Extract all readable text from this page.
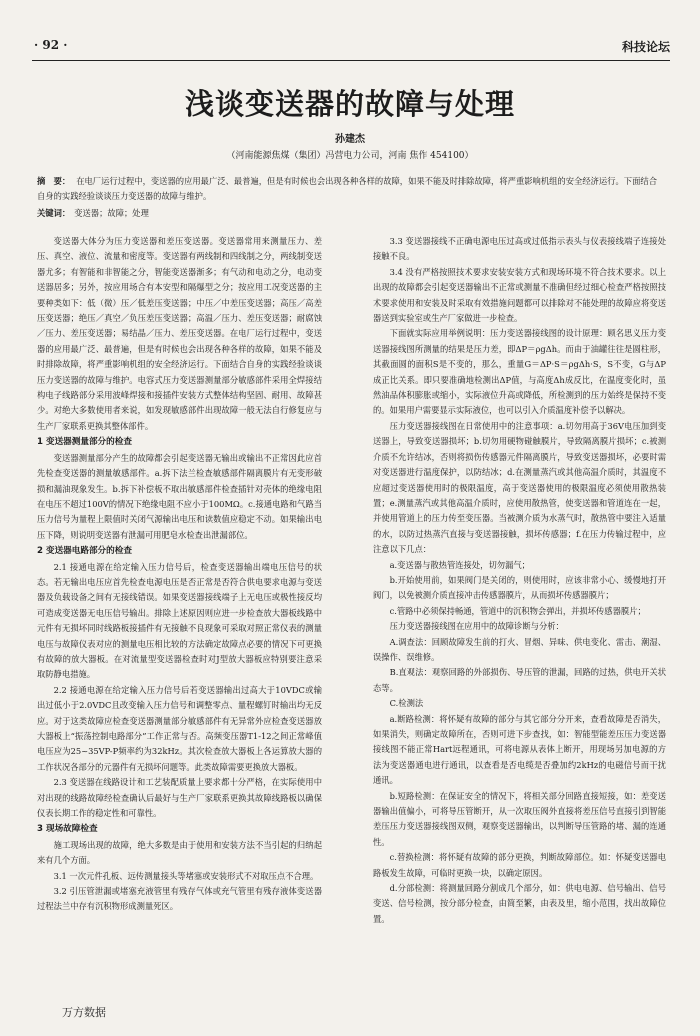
· 92 ·	科技论坛
浅谈变送器的故障与处理
孙建杰
（河南能源焦煤（集团）冯营电力公司，河南 焦作 454100）
摘　要： 在电厂运行过程中，变送器的应用最广泛、最普遍，但是有时候也会出现各种各样的故障，如果不能及时排除故障，将严重影响机组的安全经济运行。下面结合自身的实践经验谈谈压力变送器的故障与维护。
关键词： 变送器；故障；处理

变送器大体分为压力变送器和差压变送器。变送器常用来测量压力、差压、真空、液位、流量和密度等。变送器有两线制和四线制之分，两线制变送器尤多；有智能和非智能之分，智能变送器渐多；有气动和电动之分，电动变送器居多；另外，按应用场合有本安型和隔爆型之分；按应用工况变送器的主要种类如下：低（微）压／低差压变送器；中压／中差压变送器；高压／高差压变送器；绝压／真空／负压差压变送器；高温／压力、差压变送器；耐腐蚀／压力、差压变送器；易结晶／压力、差压变送器。在电厂运行过程中，变送器的应用最广泛、最普遍，但是有时候也会出现各种各样的故障，如果不能及时排除故障，将严重影响机组的安全经济运行。下面结合自身的实践经验谈谈压力变送器的故障与维护。电容式压力变送器测量部分敏感部件采用全焊接结构电子线路部分采用波峰焊接和接插件安装方式整体结构坚固、耐用、故障甚少。对绝大多数使用者来说，如发现敏感部件出现故障一般无法自行修复应与生产厂家联系更换其整体部件。

1 变送器测量部分的检查

变送器测量部分产生的故障都会引起变送器无输出或输出不正常因此应首先检查变送器的测量敏感部件。a.拆下法兰检查敏感部件隔离膜片有无变形破损和漏油现象发生。b.拆下补偿板不取出敏感部件检查插针对壳体的绝缘电阻在电压不超过100V的情况下绝缘电阻不应小于100MΩ。c.接通电路和气路当压力信号为量程上限值时关闭气源输出电压和读数值应稳定不动。如果输出电压下降，则说明变送器有泄漏可用肥皂水检查出泄漏部位。

2 变送器电路部分的检查

2.1 接通电源在给定输入压力信号后，检查变送器输出端电压信号的状态。若无输出电压应首先检查电源电压是否正常是否符合供电要求电源与变送器及负载设备之间有无接线错误。如果变送器接线端子上无电压或极性接反均可造成变送器无电压信号输出。排除上述原因则应进一步检查放大器板线路中元件有无损坏同时线路板接插件有无接触不良现象可采取对照正常仪表的测量电压与故障仪表对应的测量电压相比较的方法确定故障点必要的情况下可更换有故障的放大器板。在对流量型变送器检查时对J型放大器板应特别要注意采取防静电措施。

2.2 接通电源在给定输入压力信号后若变送器输出过高大于10VDC或输出过低小于2.0VDC且改变输入压力信号和调整零点、量程螺钉时输出均无反应。对于这类故障应检查变送器测量部分敏感部件有无异常外应检查变送器放大器板上“振荡控制电路部分”工作正常与否。高频变压器T1-12之间正常峰值电压应为25~35VP-P频率约为32kHz。其次检查放大器板上各运算放大器的工作状况各部分的元器件有无损坏问题等。此类故障需要更换放大器板。

2.3 变送器在线路设计和工艺装配质量上要求都十分严格，在实际使用中对出现的线路故障经检查确认后最好与生产厂家联系更换其故障线路板以确保仪表长期工作的稳定性和可靠性。

3 现场故障检查

施工现场出现的故障，绝大多数是由于使用和安装方法不当引起的归纳起来有几个方面。

3.1 一次元件孔板、远传测量接头等堵塞或安装形式不对取压点不合理。

3.2 引压管泄漏或堵塞充液管里有残存气体或充气管里有残存液体变送器过程法兰中存有沉积物形成测量死区。

3.3 变送器接线不正确电源电压过高或过低指示表头与仪表接线端子连接处接触不良。

3.4 没有严格按照技术要求安装安装方式和现场环境不符合技术要求。以上出现的故障都会引起变送器输出不正常或测量不准确但经过细心检查严格按照技术要求使用和安装及时采取有效措施问题都可以排除对不能处理的故障应将变送器送到实验室或生产厂家做进一步检查。

下面就实际应用举例说明：压力变送器接线图的设计原理：顾名思义压力变送器接线图所测量的结果是压力差，即ΔP＝ρgΔh。而由于油罐往往是圆柱形，其截面圆的面积S是不变的，那么，重量G＝ΔP·S＝ρgΔh·S，S不变，G与ΔP成正比关系。即只要准确地检测出ΔP值，与高度Δh成反比，在温度变化时，虽然油品体积膨胀或缩小，实际液位升高或降低，所检测到的压力始终是保持不变的。如果用户需要显示实际液位，也可以引入介质温度补偿予以解决。

压力变送器接线图在日常使用中的注意事项：a.切勿用高于36V电压加到变送器上，导致变送器损坏；b.切勿用硬物碰触膜片，导致隔离膜片损坏；c.被测介质不允许结冰，否则将损伤传感器元件隔离膜片，导致变送器损坏，必要时需对变送器进行温度保护，以防结冰；d.在测量蒸汽或其他高温介质时，其温度不应超过变送器使用时的极限温度，高于变送器使用的极限温度必须使用散热装置；e.测量蒸汽或其他高温介质时，应使用散热管，使变送器和管道连在一起，并使用管道上的压力传至变压器。当被测介质为水蒸气时，散热管中要注入适量的水，以防过热蒸汽直接与变送器接触，损坏传感器；f.在压力传输过程中，应注意以下几点：

a.变送器与散热管连接处，切勿漏气；

b.开始使用前，如果阀门是关闭的，则使用时，应该非常小心、缓慢地打开阀门，以免被测介质直接冲击传感器膜片，从而损坏传感器膜片；

c.管路中必须保持畅通，管道中的沉积物会弹出，并损坏传感器膜片；

压力变送器接线图在应用中的故障诊断与分析：

A.调查法：回顾故障发生前的打火、冒烟、异味、供电变化、雷击、潮湿、误操作、误维修。

B.直观法：观察回路的外部损伤、导压管的泄漏，回路的过热，供电开关状态等。

C.检测法

a.断路检测：将怀疑有故障的部分与其它部分分开来，查看故障是否消失，如果消失，则确定故障所在，否则可进下步查找，如：智能型能差压压力变送器接线图不能正常Hart远程通讯，可将电源从表体上断开，用现场另加电源的方法为变送器通电进行通讯，以查看是否电缆是否叠加约2kHz的电磁信号而干扰通讯。

b.短路检测：在保证安全的情况下，将相关部分回路直接短接，如：差变送器输出值偏小，可将导压管断开，从一次取压阀外直接将差压信号直接引到智能差压压力变送器接线图双侧，观察变送器输出，以判断导压管路的堵、漏的连通性。

c.替换检测：将怀疑有故障的部分更换，判断故障部位。如：怀疑变送器电路板发生故障，可临时更换一块，以确定原因。

d.分部检测：将测量回路分割成几个部分，如：供电电源、信号输出、信号变送、信号检测，按分部分检查，由简至繁，由表及里，缩小范围，找出故障位置。

万方数据
